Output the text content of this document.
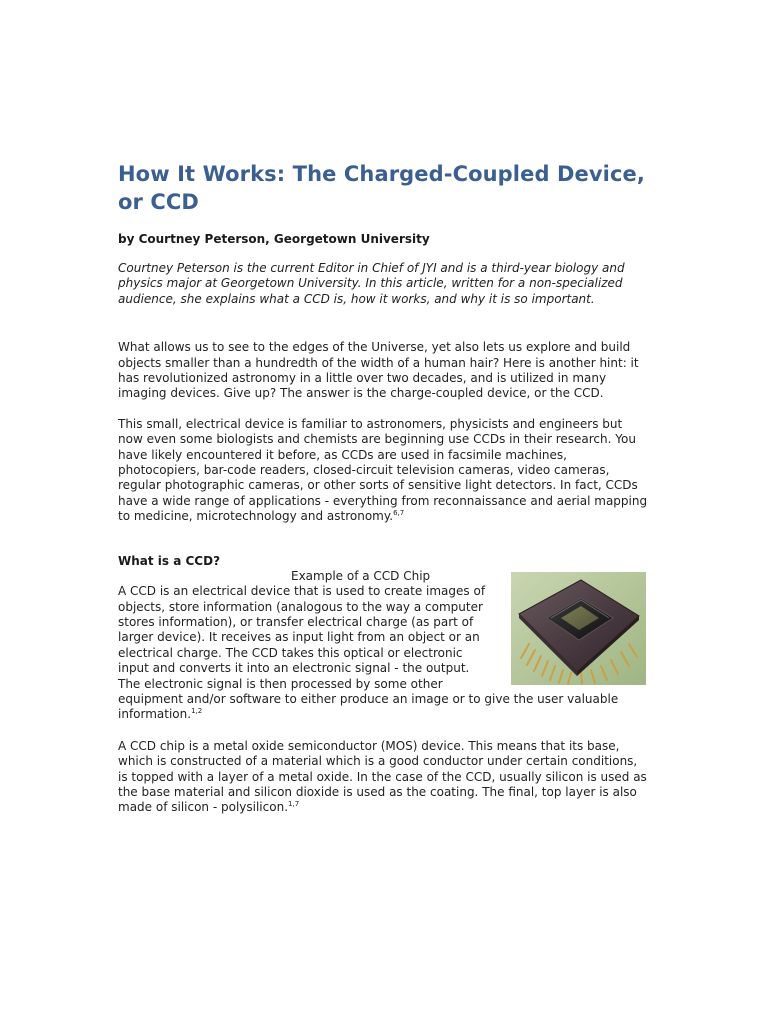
How It Works: The Charged-Coupled Device, or CCD
by Courtney Peterson, Georgetown University

Courtney Peterson is the current Editor in Chief of JYI and is a third-year biology and physics major at Georgetown University. In this article, written for a non-specialized audience, she explains what a CCD is, how it works, and why it is so important.

What allows us to see to the edges of the Universe, yet also lets us explore and build objects smaller than a hundredth of the width of a human hair? Here is another hint: it has revolutionized astronomy in a little over two decades, and is utilized in many imaging devices. Give up? The answer is the charge-coupled device, or the CCD.

This small, electrical device is familiar to astronomers, physicists and engineers but now even some biologists and chemists are beginning use CCDs in their research. You have likely encountered it before, as CCDs are used in facsimile machines, photocopiers, bar-code readers, closed-circuit television cameras, video cameras, regular photographic cameras, or other sorts of sensitive light detectors. In fact, CCDs have a wide range of applications - everything from reconnaissance and aerial mapping to medicine, microtechnology and astronomy.$^{6,7}$

What is a CCD?
Example of a CCD Chip

A CCD is an electrical device that is used to create images of objects, store information (analogous to the way a computer stores information), or transfer electrical charge (as part of larger device). It receives as input light from an object or an electrical charge. The CCD takes this optical or electronic input and converts it into an electronic signal - the output. The electronic signal is then processed by some other equipment and/or software to either produce an image or to give the user valuable information.$^{1,2}$

A CCD chip is a metal oxide semiconductor (MOS) device. This means that its base, which is constructed of a material which is a good conductor under certain conditions, is topped with a layer of a metal oxide. In the case of the CCD, usually silicon is used as the base material and silicon dioxide is used as the coating. The final, top layer is also made of silicon - polysilicon.$^{1,7}$
